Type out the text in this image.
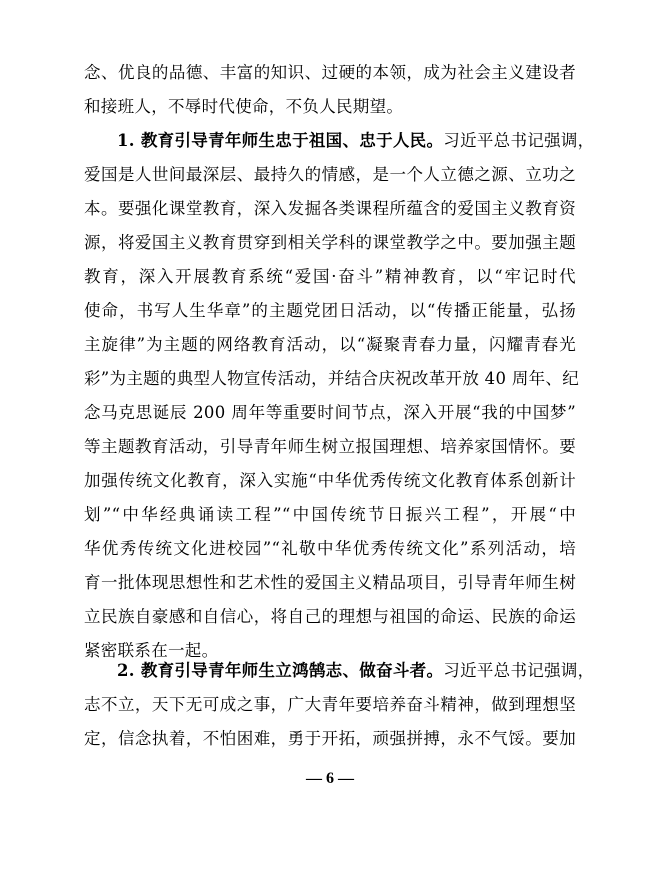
念、优良的品德、丰富的知识、过硬的本领，成为社会主义建设者
和接班人，不辱时代使命，不负人民期望。
1. 教育引导青年师生忠于祖国、忠于人民。习近平总书记强调，
爱国是人世间最深层、最持久的情感，是一个人立德之源、立功之
本。要强化课堂教育，深入发掘各类课程所蕴含的爱国主义教育资
源，将爱国主义教育贯穿到相关学科的课堂教学之中。要加强主题
教育，深入开展教育系统“爱国·奋斗”精神教育，以“牢记时代
使命，书写人生华章”的主题党团日活动，以“传播正能量，弘扬
主旋律”为主题的网络教育活动，以“凝聚青春力量，闪耀青春光
彩”为主题的典型人物宣传活动，并结合庆祝改革开放 40 周年、纪
念马克思诞辰 200 周年等重要时间节点，深入开展“我的中国梦”
等主题教育活动，引导青年师生树立报国理想、培养家国情怀。要
加强传统文化教育，深入实施“中华优秀传统文化教育体系创新计
划”“中华经典诵读工程”“中国传统节日振兴工程”，开展“中
华优秀传统文化进校园”“礼敬中华优秀传统文化”系列活动，培
育一批体现思想性和艺术性的爱国主义精品项目，引导青年师生树
立民族自豪感和自信心，将自己的理想与祖国的命运、民族的命运
紧密联系在一起。
2. 教育引导青年师生立鸿鹄志、做奋斗者。习近平总书记强调，
志不立，天下无可成之事，广大青年要培养奋斗精神，做到理想坚
定，信念执着，不怕困难，勇于开拓，顽强拼搏，永不气馁。要加
— 6 —
